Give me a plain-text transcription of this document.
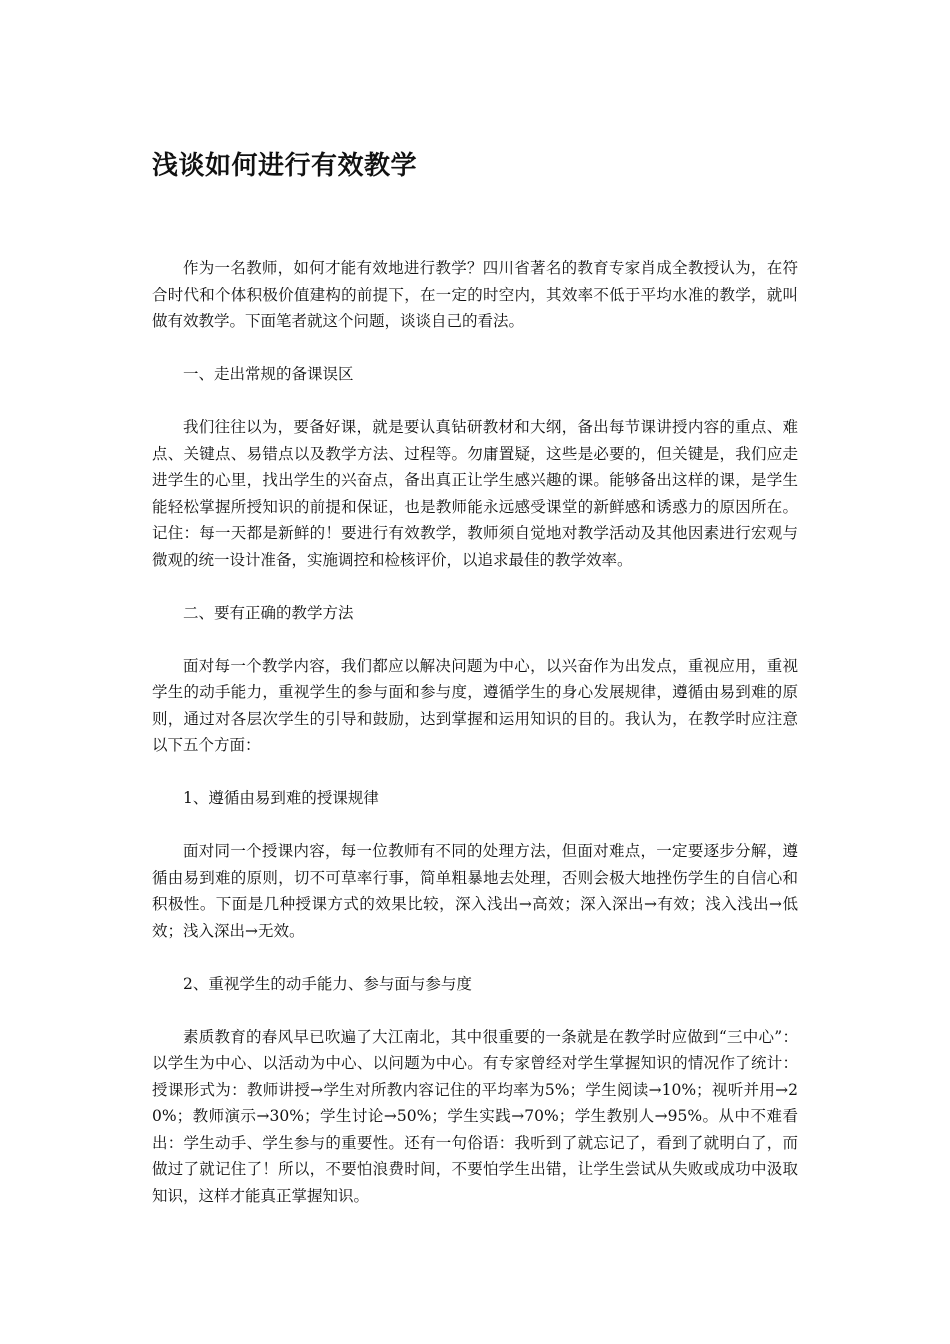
浅谈如何进行有效教学

作为一名教师，如何才能有效地进行教学？四川省著名的教育专家肖成全教授认为，在符合时代和个体积极价值建构的前提下，在一定的时空内，其效率不低于平均水准的教学，就叫做有效教学。下面笔者就这个问题，谈谈自己的看法。

一、走出常规的备课误区

我们往往以为，要备好课，就是要认真钻研教材和大纲，备出每节课讲授内容的重点、难点、关键点、易错点以及教学方法、过程等。勿庸置疑，这些是必要的，但关键是，我们应走进学生的心里，找出学生的兴奋点，备出真正让学生感兴趣的课。能够备出这样的课，是学生能轻松掌握所授知识的前提和保证，也是教师能永远感受课堂的新鲜感和诱惑力的原因所在。记住：每一天都是新鲜的！要进行有效教学，教师须自觉地对教学活动及其他因素进行宏观与微观的统一设计准备，实施调控和检核评价，以追求最佳的教学效率。

二、要有正确的教学方法

面对每一个教学内容，我们都应以解决问题为中心，以兴奋作为出发点，重视应用，重视学生的动手能力，重视学生的参与面和参与度，遵循学生的身心发展规律，遵循由易到难的原则，通过对各层次学生的引导和鼓励，达到掌握和运用知识的目的。我认为，在教学时应注意以下五个方面：

1、遵循由易到难的授课规律

面对同一个授课内容，每一位教师有不同的处理方法，但面对难点，一定要逐步分解，遵循由易到难的原则，切不可草率行事，简单粗暴地去处理，否则会极大地挫伤学生的自信心和积极性。下面是几种授课方式的效果比较，深入浅出→高效；深入深出→有效；浅入浅出→低效；浅入深出→无效。

2、重视学生的动手能力、参与面与参与度

素质教育的春风早已吹遍了大江南北，其中很重要的一条就是在教学时应做到“三中心”：以学生为中心、以活动为中心、以问题为中心。有专家曾经对学生掌握知识的情况作了统计：授课形式为：教师讲授→学生对所教内容记住的平均率为5%；学生阅读→10%；视听并用→20%；教师演示→30%；学生讨论→50%；学生实践→70%；学生教别人→95%。从中不难看出：学生动手、学生参与的重要性。还有一句俗语：我听到了就忘记了，看到了就明白了，而做过了就记住了！所以，不要怕浪费时间，不要怕学生出错，让学生尝试从失败或成功中汲取知识，这样才能真正掌握知识。
